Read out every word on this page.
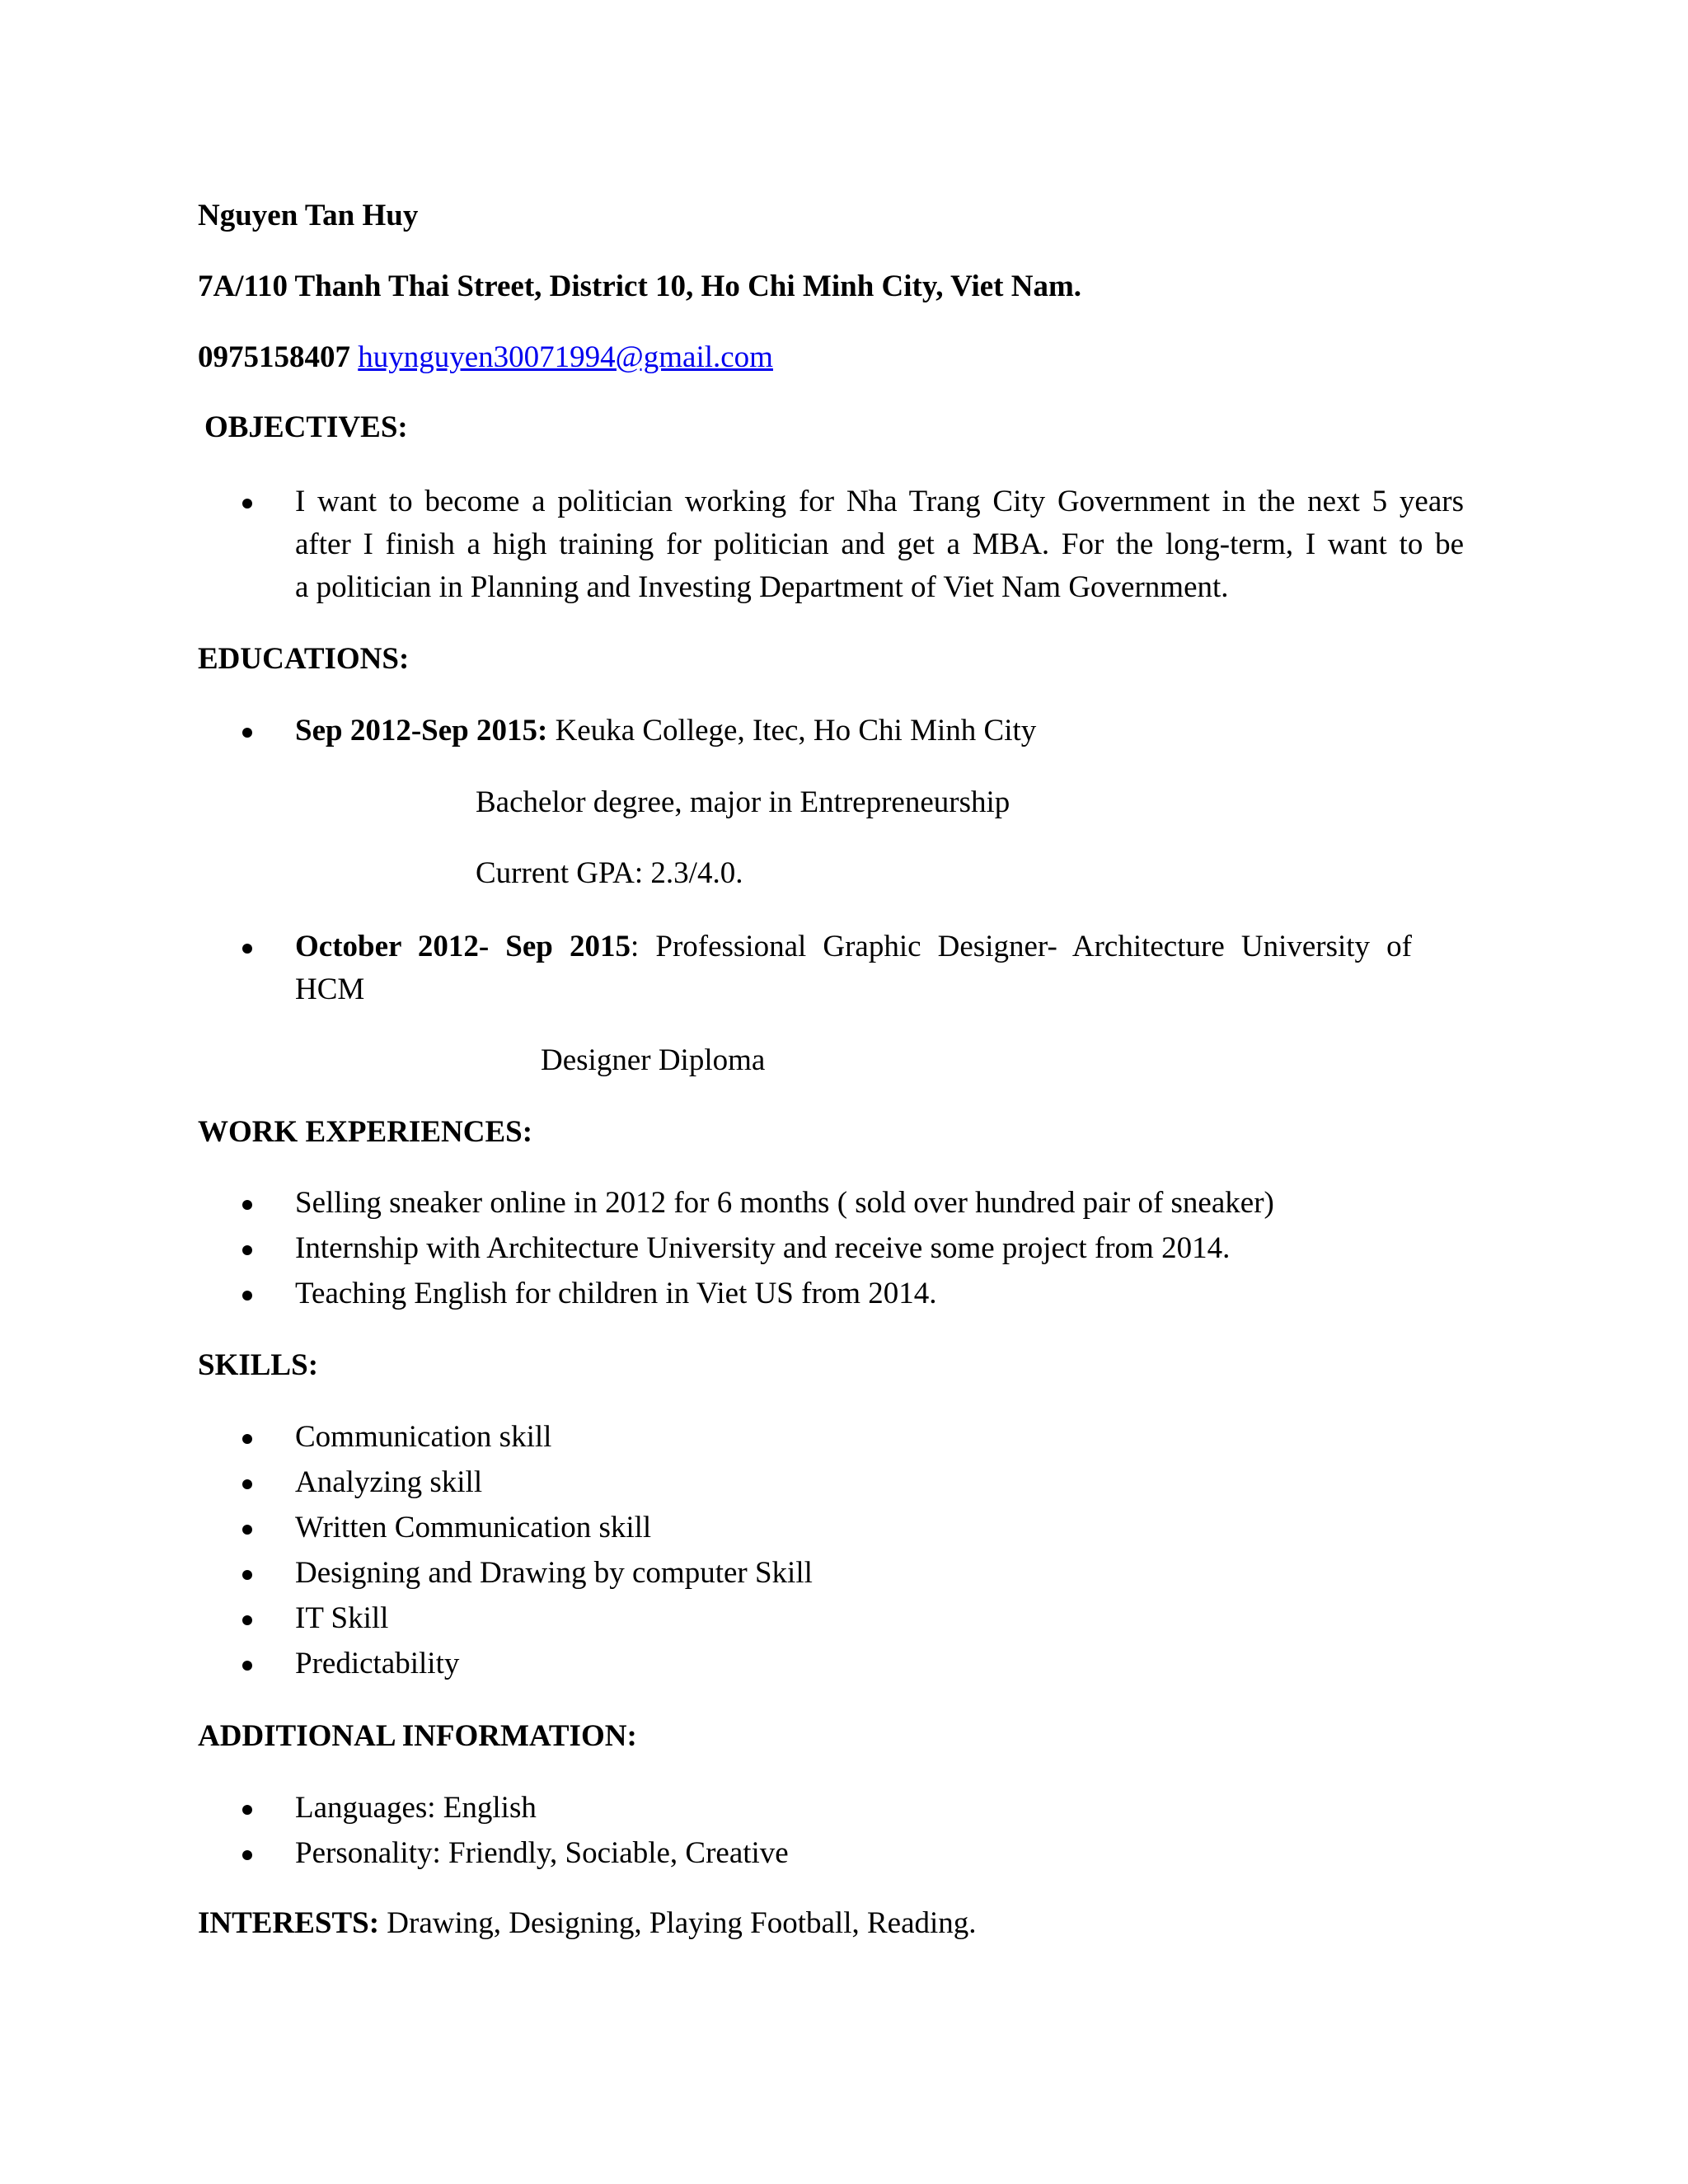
Nguyen Tan Huy
7A/110 Thanh Thai Street, District 10, Ho Chi Minh City, Viet Nam.
0975158407 huynguyen30071994@gmail.com
OBJECTIVES:
I want to become a politician working for Nha Trang City Government in the next 5 years
after I finish a high training for politician and get a MBA. For the long-term, I want to be
a politician in Planning and Investing Department of Viet Nam Government.
EDUCATIONS:
Sep 2012-Sep 2015: Keuka College, Itec, Ho Chi Minh City
Bachelor degree, major in Entrepreneurship
Current GPA: 2.3/4.0.
October 2012- Sep 2015: Professional Graphic Designer- Architecture University of
HCM
Designer Diploma
WORK EXPERIENCES:
Selling sneaker online in 2012 for 6 months ( sold over hundred pair of sneaker)
Internship with Architecture University and receive some project from 2014.
Teaching English for children in Viet US from 2014.
SKILLS:
Communication skill
Analyzing skill
Written Communication skill
Designing and Drawing by computer Skill
IT Skill
Predictability
ADDITIONAL INFORMATION:
Languages: English
Personality: Friendly, Sociable, Creative
INTERESTS: Drawing, Designing, Playing Football, Reading.
